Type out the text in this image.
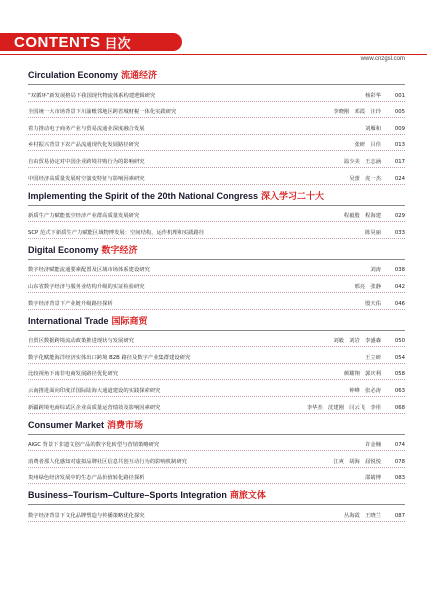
CONTENTS 目次
www.cnzgsl.com
Circulation Economy 流通经济
“双循环”新发展格局下我国现代物流体系构建逻辑研究	杨彩华	001
全国统一大市场背景下川渝毗邻地区跨省城财税一体化实践研究	李晓刚　邓霞　汪玲	005
着力推动电子商务产业与贸易流通业深度融合发展	刘雁和	009
乡村振兴背景下农产品流通现代化发展路径研究	张研　吕佳	013
自由贸易协定对中国企业跨境并购行为的影响研究	温少美　王志涵	017
中国经济高质量发展时空演变特征与影响因素研究	吴蕾　虎一杰	024
Implementing the Spirit of the 20th National Congress 深入学习二十大
新质生产力赋能低空经济产业群高质量发展研究	程毅殷　程海建	029
SCP 范式下新质生产力赋能区域物博发展：空间结构、运作机理和实践路径	陈昊丽	033
Digital Economy 数字经济
数字经济赋能流通要素配置及区域市场体系建设研究	刘涛	038
山东省数字经济与服务业结构升级的实证检验研究	邢亮　张静	042
数字经济背景下产业链升级路径探析	殷天佑	046
International Trade 国际商贸
自贸区数据跨境流动政策推进现状与发展研究	刘毅　刘岩　李盛森	050
数字化赋能海洋经济实体出口跨境 B2B 路径及数字产业集群建设研究	王立研	054
比较视角下南非电商发展路径优化研究	颜耀翔　郭庆利	058
云南推进面向印度洋国际陆海大通道建设的实践探索研究	钟峰　张必涛	063
新疆跨境电商综试区企业高质量运营绩效及影响因素研究	李华杰　沈建刚　闫云飞　李彤	068
Consumer Market 消费市场
AIGC 背景下非遗文创产品的数字化转型与营销策略研究	许金楠	074
消费者那人化感知对虚拟品牌社区信息共创互动行为的影响机制研究	江爽　胡海　屈悦悦	078
贵州绿色经济发展中的生态产品价值转化路径探析	邵婧博	083
Business–Tourism–Culture–Sports Integration 商旅文体
数字经济背景下文化品牌塑造与传播策略优化探究	丛海霞　王晓兰	087
